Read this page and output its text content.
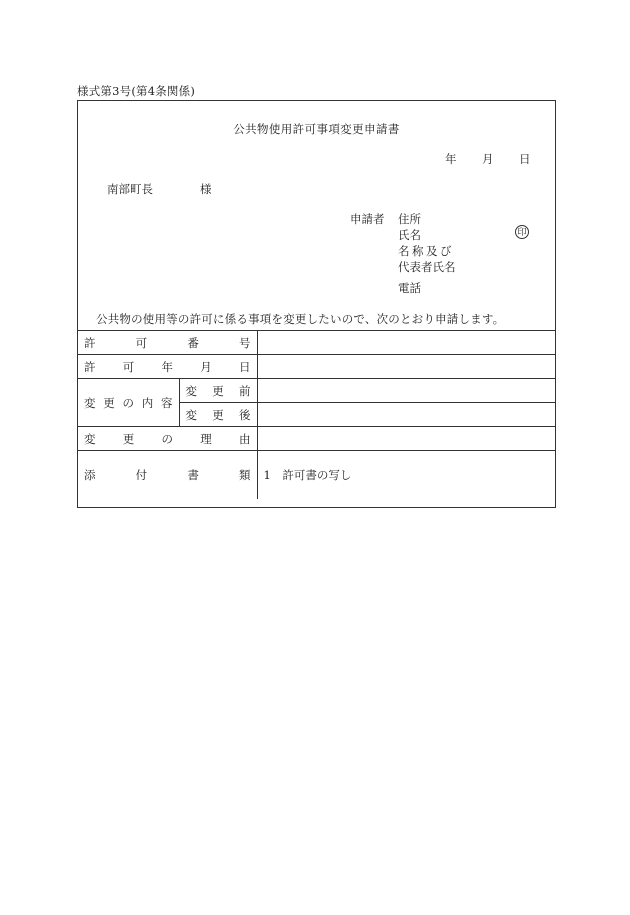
様式第3号(第4条関係)
公共物使用許可事項変更申請書
年 月 日
南部町長	様
申請者 住所
氏名	印
名称及び
代表者氏名
電話
公共物の使用等の許可に係る事項を変更したいので、次のとおり申請します。
許 可 番 号		

許 可 年 月 日		

変 更 の 内 容	変 更 前	

	変 更 後	

変 更 の 理 由		

添 付 書 類		1　許可書の写し
